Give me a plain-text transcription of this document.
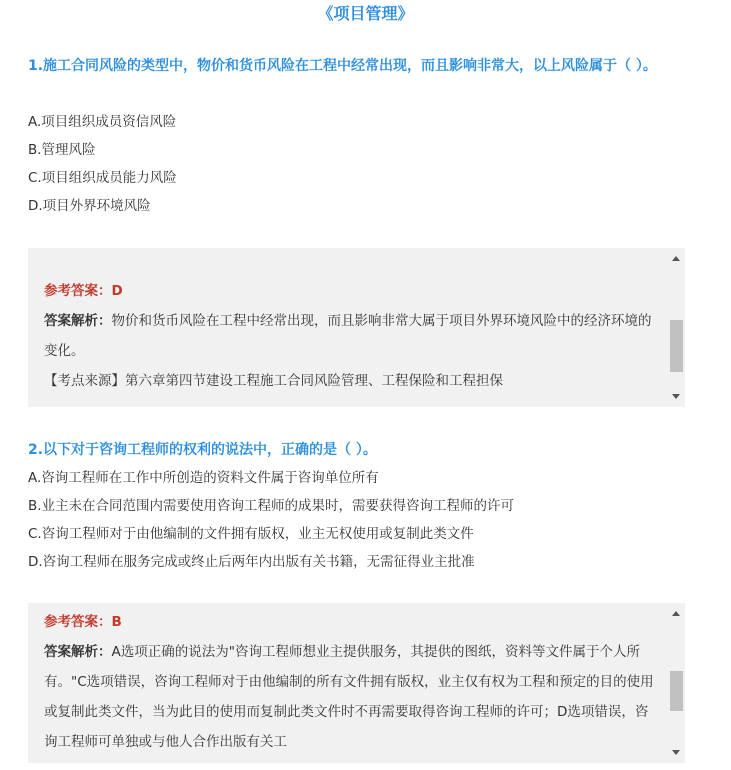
《项目管理》
1.施工合同风险的类型中，物价和货币风险在工程中经常出现，而且影响非常大，以上风险属于（ ）。
A.项目组织成员资信风险
B.管理风险
C.项目组织成员能力风险
D.项目外界环境风险
参考答案：D
答案解析：物价和货币风险在工程中经常出现，而且影响非常大属于项目外界环境风险中的经济环境的变化。
【考点来源】第六章第四节建设工程施工合同风险管理、工程保险和工程担保
2.以下对于咨询工程师的权利的说法中，正确的是（ ）。
A.咨询工程师在工作中所创造的资料文件属于咨询单位所有
B.业主未在合同范围内需要使用咨询工程师的成果时，需要获得咨询工程师的许可
C.咨询工程师对于由他编制的文件拥有版权，业主无权使用或复制此类文件
D.咨询工程师在服务完成或终止后两年内出版有关书籍，无需征得业主批准
参考答案：B
答案解析：A选项正确的说法为"咨询工程师想业主提供服务，其提供的图纸，资料等文件属于个人所有。"C选项错误，咨询工程师对于由他编制的所有文件拥有版权，业主仅有权为工程和预定的目的使用或复制此类文件，当为此目的使用而复制此类文件时不再需要取得咨询工程师的许可；D选项错误，咨询工程师可单独或与他人合作出版有关工
